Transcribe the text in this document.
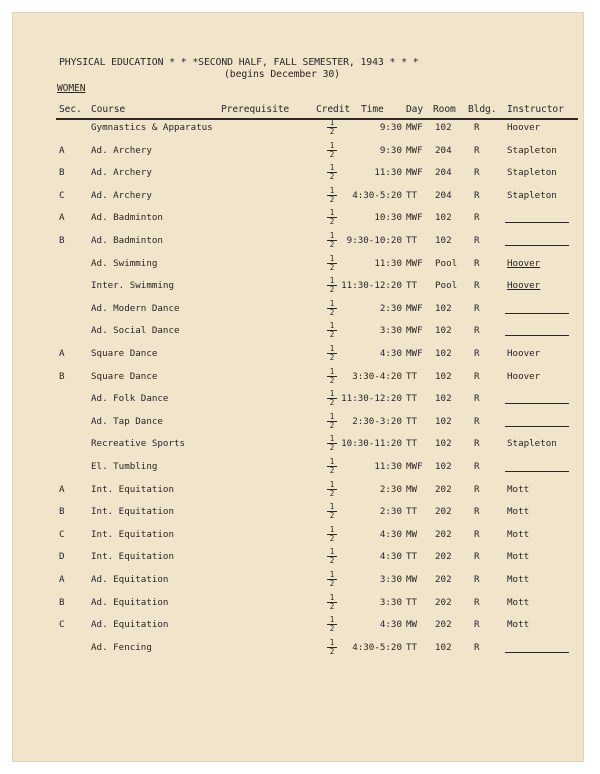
PHYSICAL EDUCATION * * *SECOND HALF, FALL SEMESTER, 1943 * * *
(begins December 30)
WOMEN
Sec. Course	Prerequisite	Credit Time Day Room Bldg. Instructor
Gymnastics & Apparatus	$\frac{1}{2}$	9:30 MWF 102 R	Hoover
A	Ad. Archery	$\frac{1}{2}$	9:30 MWF 204 R	Stapleton
B	Ad. Archery	$\frac{1}{2}$	11:30 MWF 204 R	Stapleton
C	Ad. Archery	$\frac{1}{2}$	4:30-5:20 TT 204 R	Stapleton
A	Ad. Badminton	$\frac{1}{2}$	10:30 MWF 102 R
B	Ad. Badminton	$\frac{1}{2}$	9:30-10:20 TT 102 R
Ad. Swimming	$\frac{1}{2}$	11:30 MWF Pool R	Hoover
Inter. Swimming	$\frac{1}{2}$ 11:30-12:20 TT Pool R	Hoover
Ad. Modern Dance	$\frac{1}{2}$	2:30 MWF 102 R
Ad. Social Dance	$\frac{1}{2}$	3:30 MWF 102 R
A	Square Dance	$\frac{1}{2}$	4:30 MWF 102 R	Hoover
B	Square Dance	$\frac{1}{2}$	3:30-4:20 TT 102 R	Hoover
Ad. Folk Dance	$\frac{1}{2}$ 11:30-12:20 TT 102 R
Ad. Tap Dance	$\frac{1}{2}$	2:30-3:20 TT 102 R
Recreative Sports	$\frac{1}{2}$ 10:30-11:20 TT 102 R	Stapleton
El. Tumbling	$\frac{1}{2}$	11:30 MWF 102 R
A	Int. Equitation	$\frac{1}{2}$	2:30 MW 202 R	Mott
B	Int. Equitation	$\frac{1}{2}$	2:30 TT 202 R	Mott
C	Int. Equitation	$\frac{1}{2}$	4:30 MW 202 R	Mott
D	Int. Equitation	$\frac{1}{2}$	4:30 TT 202 R	Mott
A	Ad. Equitation	$\frac{1}{2}$	3:30 MW 202 R	Mott
B	Ad. Equitation	$\frac{1}{2}$	3:30 TT 202 R	Mott
C	Ad. Equitation	$\frac{1}{2}$	4:30 MW 202 R	Mott
Ad. Fencing	$\frac{1}{2}$	4:30-5:20 TT 102 R
